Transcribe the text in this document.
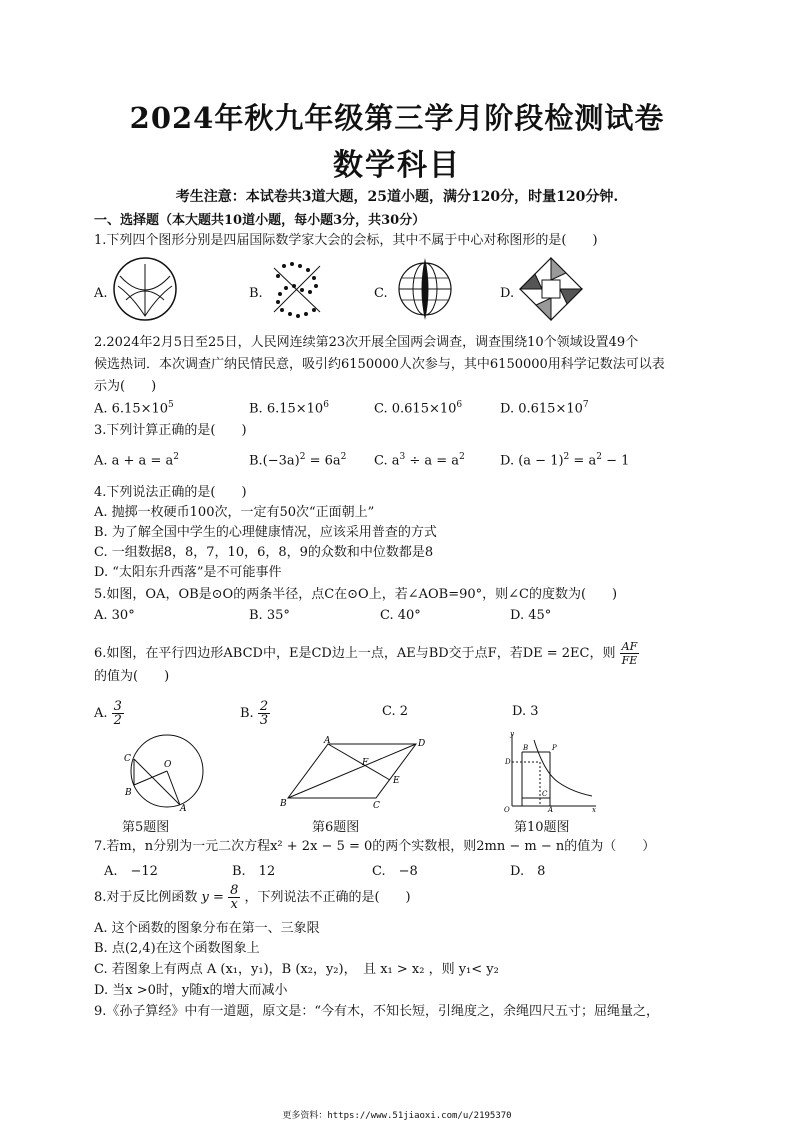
2024年秋九年级第三学月阶段检测试卷
数学科目
考生注意：本试卷共3道大题，25道小题，满分120分，时量120分钟.
一、选择题（本大题共10道小题，每小题3分，共30分）
1.下列四个图形分别是四届国际数学家大会的会标，其中不属于中心对称图形的是(　　)
A.	B.	C.	D.
2.2024年2月5日至25日，人民网连续第23次开展全国两会调查，调查围绕10个领域设置49个
候选热词．本次调查广纳民情民意，吸引约6150000人次参与，其中6150000用科学记数法可以表
示为(　　)
A. $6.15\times 10^5$	B. $6.15\times 10^6$	C. $0.615\times 10^6$	D. $0.615\times 10^7$
3.下列计算正确的是(　　)
A. $a + a = a^2$	$B.(-3a)^2 = 6a^2$ C. $a^3 \div a = a^2$	D. $(a - 1)^2 = a^2 - 1$
4.下列说法正确的是(　　)
A. 抛掷一枚硬币100次，一定有50次“正面朝上”
B. 为了解全国中学生的心理健康情况，应该采用普查的方式
C. 一组数据8，8，7，10，6，8，9的众数和中位数都是8
D. “太阳东升西落”是不可能事件
5.如图，OA，OB是⊙O的两条半径，点C在⊙O上，若∠AOB=90°，则∠C的度数为(　　)
A. 30°	B. 35°	C. 40°	D. 45°
6.如图，在平行四边形ABCD中，E是CD边上一点，AE与BD交于点F，若DE = 2EC，则 $\frac{AF}{FE}$
的值为(　　)
A. $\frac{3}{2}$	B. $\frac{2}{3}$	C. 2	D. 3
C
O
B
A
A	D
E
F
B	C
y
B	P
D
C
A
O	x
第5题图	第6题图	第10题图
7.若m，n分别为一元二次方程x² + 2x − 5 = 0的两个实数根，则2mn − m − n的值为（　　）
A.　−12	B.　12	C.　−8	D.　8
8.对于反比例函数 $y = \frac{8}{x}$ ，下列说法不正确的是(　　)
A. 这个函数的图象分布在第一、三象限
B. 点(2,4)在这个函数图象上
C. 若图象上有两点 A (x₁，y₁)，B (x₂，y₂)，　且 x₁ > x₂ ，则 y₁< y₂
D. 当x >0时，y随x的增大而减小
9.《孙子算经》中有一道题，原文是：“今有木，不知长短，引绳度之，余绳四尺五寸；屈绳量之，
更多资料：https://www.51jiaoxi.com/u/2195370
